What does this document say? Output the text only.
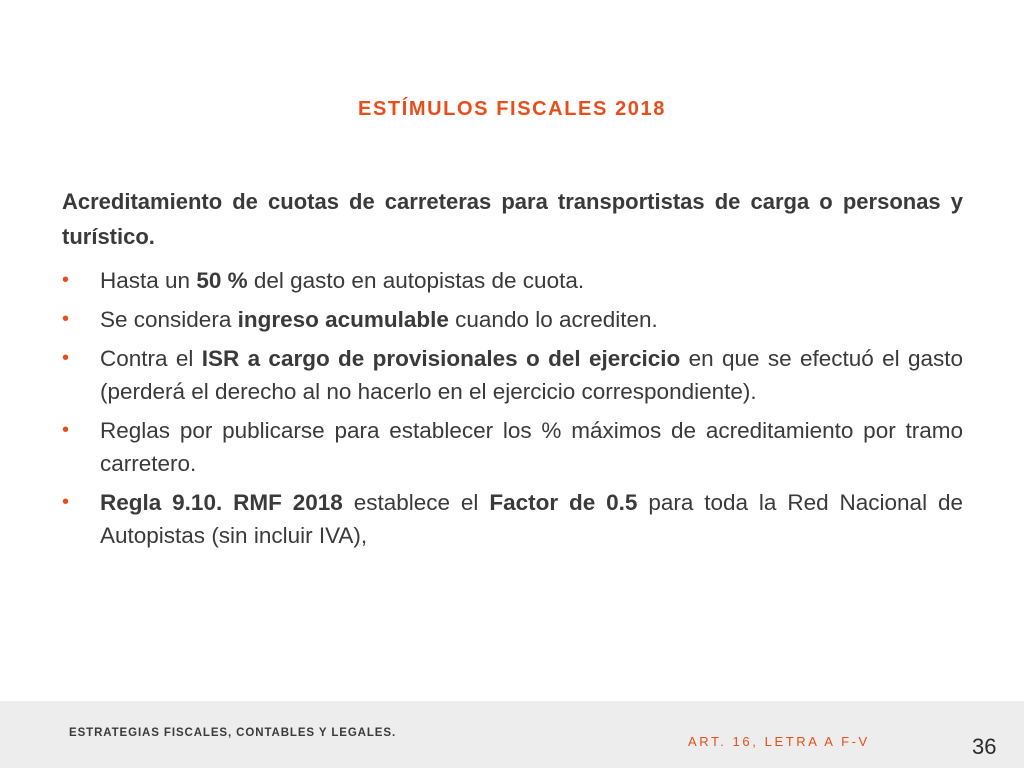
ESTÍMULOS FISCALES 2018

Acreditamiento de cuotas de carreteras para transportistas de carga o personas y turístico.

•	Hasta un 50 % del gasto en autopistas de cuota.
•	Se considera ingreso acumulable cuando lo acrediten.
•	Contra el ISR a cargo de provisionales o del ejercicio en que se efectuó el gasto (perderá el derecho al no hacerlo en el ejercicio correspondiente).
•	Reglas por publicarse para establecer los % máximos de acreditamiento por tramo carretero.
•	Regla 9.10. RMF 2018 establece el Factor de 0.5 para toda la Red Nacional de Autopistas (sin incluir IVA),
ESTRATEGIAS FISCALES, CONTABLES Y LEGALES.
ART. 16, LETRA A F-V	36
